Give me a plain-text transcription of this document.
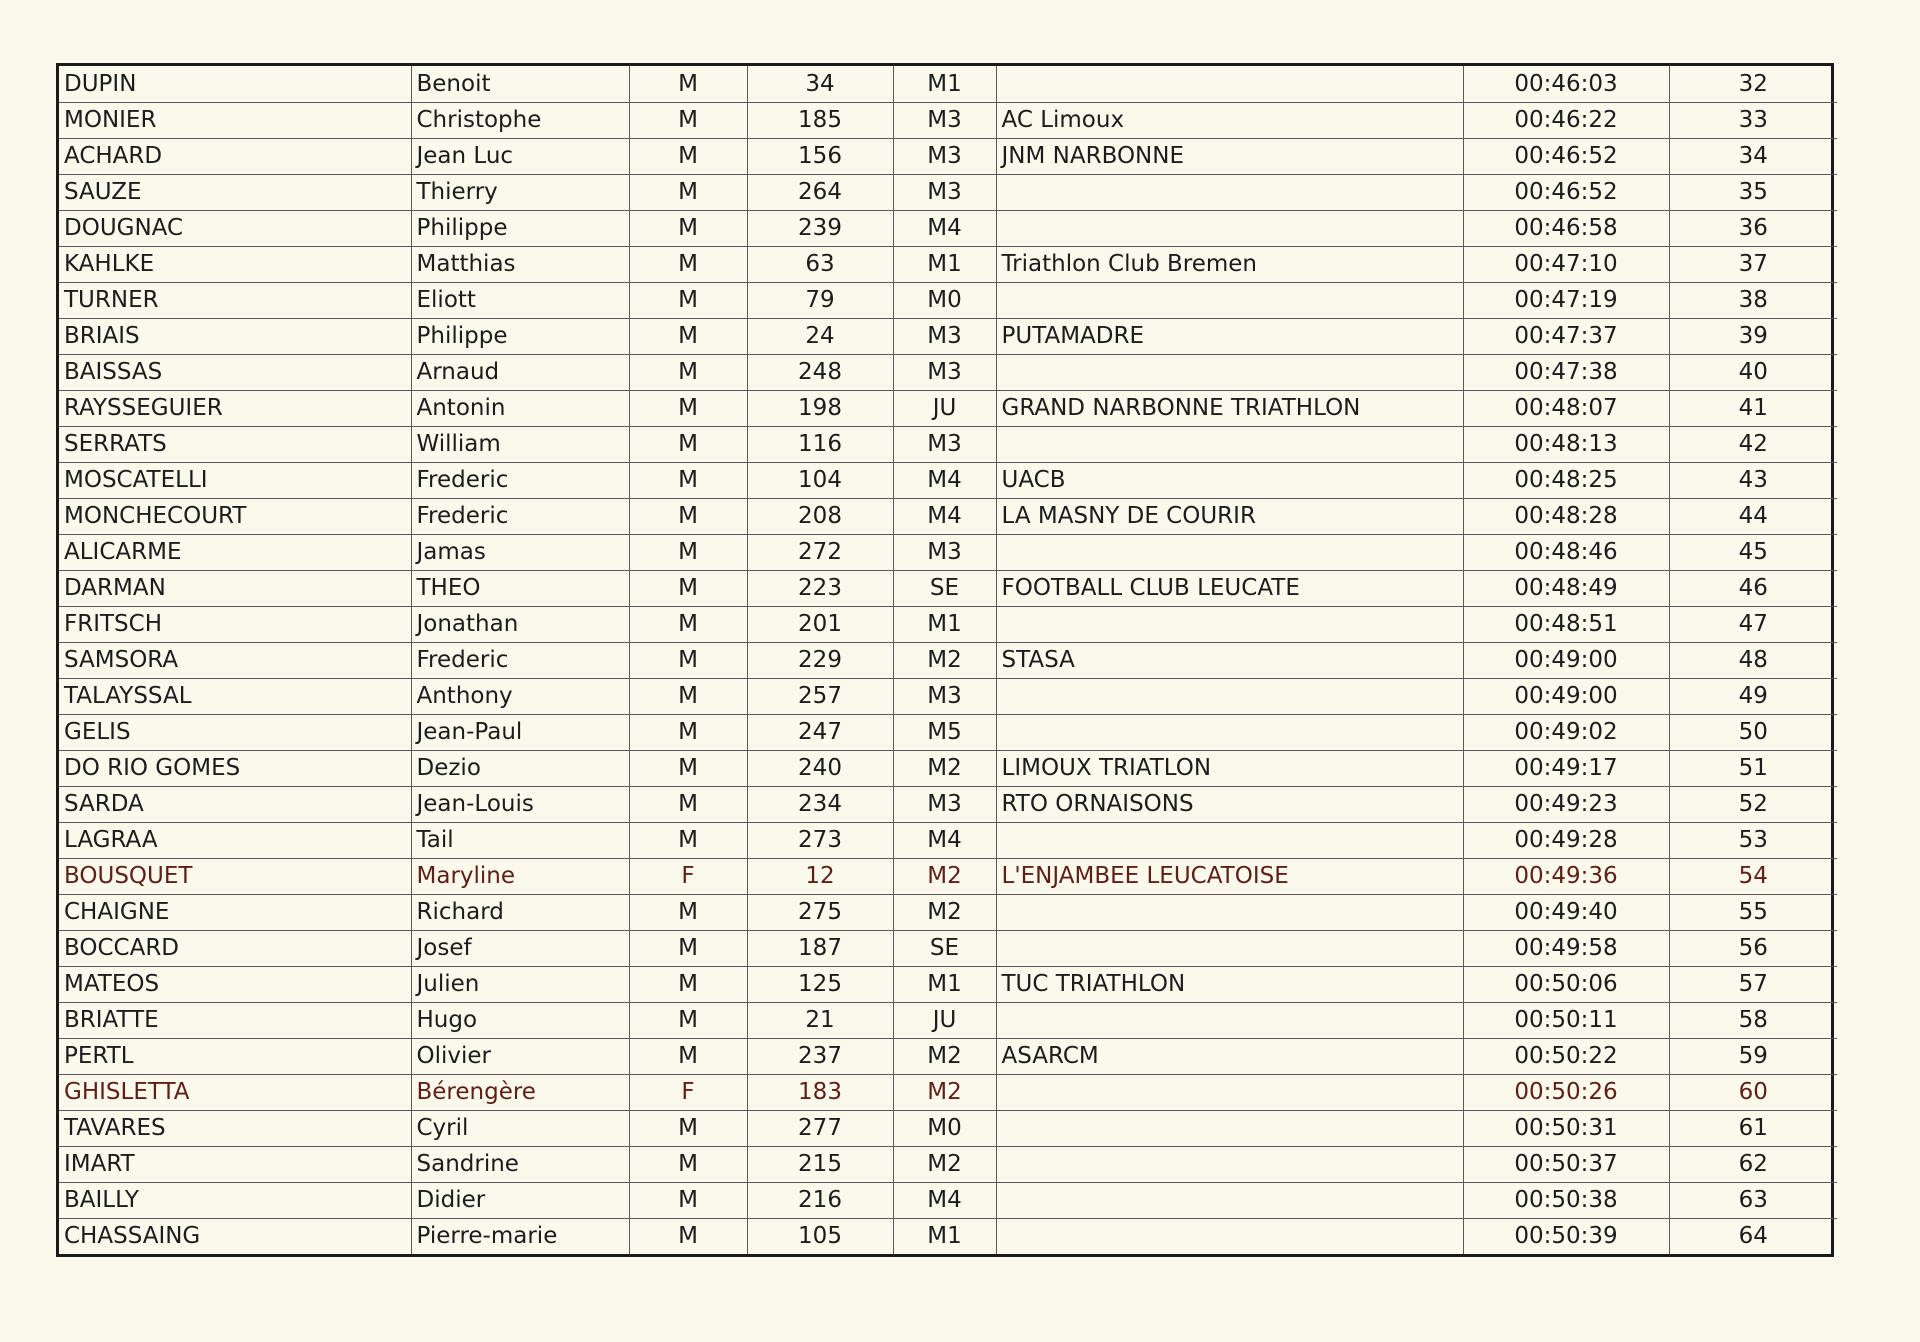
DUPIN	Benoit	M	34	M1		00:46:03	32
MONIER	Christophe	M	185	M3	AC Limoux	00:46:22	33
ACHARD	Jean Luc	M	156	M3	JNM NARBONNE	00:46:52	34
SAUZE	Thierry	M	264	M3		00:46:52	35
DOUGNAC	Philippe	M	239	M4		00:46:58	36
KAHLKE	Matthias	M	63	M1	Triathlon Club Bremen	00:47:10	37
TURNER	Eliott	M	79	M0		00:47:19	38
BRIAIS	Philippe	M	24	M3	PUTAMADRE	00:47:37	39
BAISSAS	Arnaud	M	248	M3		00:47:38	40
RAYSSEGUIER	Antonin	M	198	JU	GRAND NARBONNE TRIATHLON	00:48:07	41
SERRATS	William	M	116	M3		00:48:13	42
MOSCATELLI	Frederic	M	104	M4	UACB	00:48:25	43
MONCHECOURT	Frederic	M	208	M4	LA MASNY DE COURIR	00:48:28	44
ALICARME	Jamas	M	272	M3		00:48:46	45
DARMAN	THEO	M	223	SE	FOOTBALL CLUB LEUCATE	00:48:49	46
FRITSCH	Jonathan	M	201	M1		00:48:51	47
SAMSORA	Frederic	M	229	M2	STASA	00:49:00	48
TALAYSSAL	Anthony	M	257	M3		00:49:00	49
GELIS	Jean-Paul	M	247	M5		00:49:02	50
DO RIO GOMES	Dezio	M	240	M2	LIMOUX TRIATLON	00:49:17	51
SARDA	Jean-Louis	M	234	M3	RTO ORNAISONS	00:49:23	52
LAGRAA	Tail	M	273	M4		00:49:28	53
BOUSQUET	Maryline	F	12	M2	L'ENJAMBEE LEUCATOISE	00:49:36	54
CHAIGNE	Richard	M	275	M2		00:49:40	55
BOCCARD	Josef	M	187	SE		00:49:58	56
MATEOS	Julien	M	125	M1	TUC TRIATHLON	00:50:06	57
BRIATTE	Hugo	M	21	JU		00:50:11	58
PERTL	Olivier	M	237	M2	ASARCM	00:50:22	59
GHISLETTA	Bérengère	F	183	M2		00:50:26	60
TAVARES	Cyril	M	277	M0		00:50:31	61
IMART	Sandrine	M	215	M2		00:50:37	62
BAILLY	Didier	M	216	M4		00:50:38	63
CHASSAING	Pierre-marie	M	105	M1		00:50:39	64
